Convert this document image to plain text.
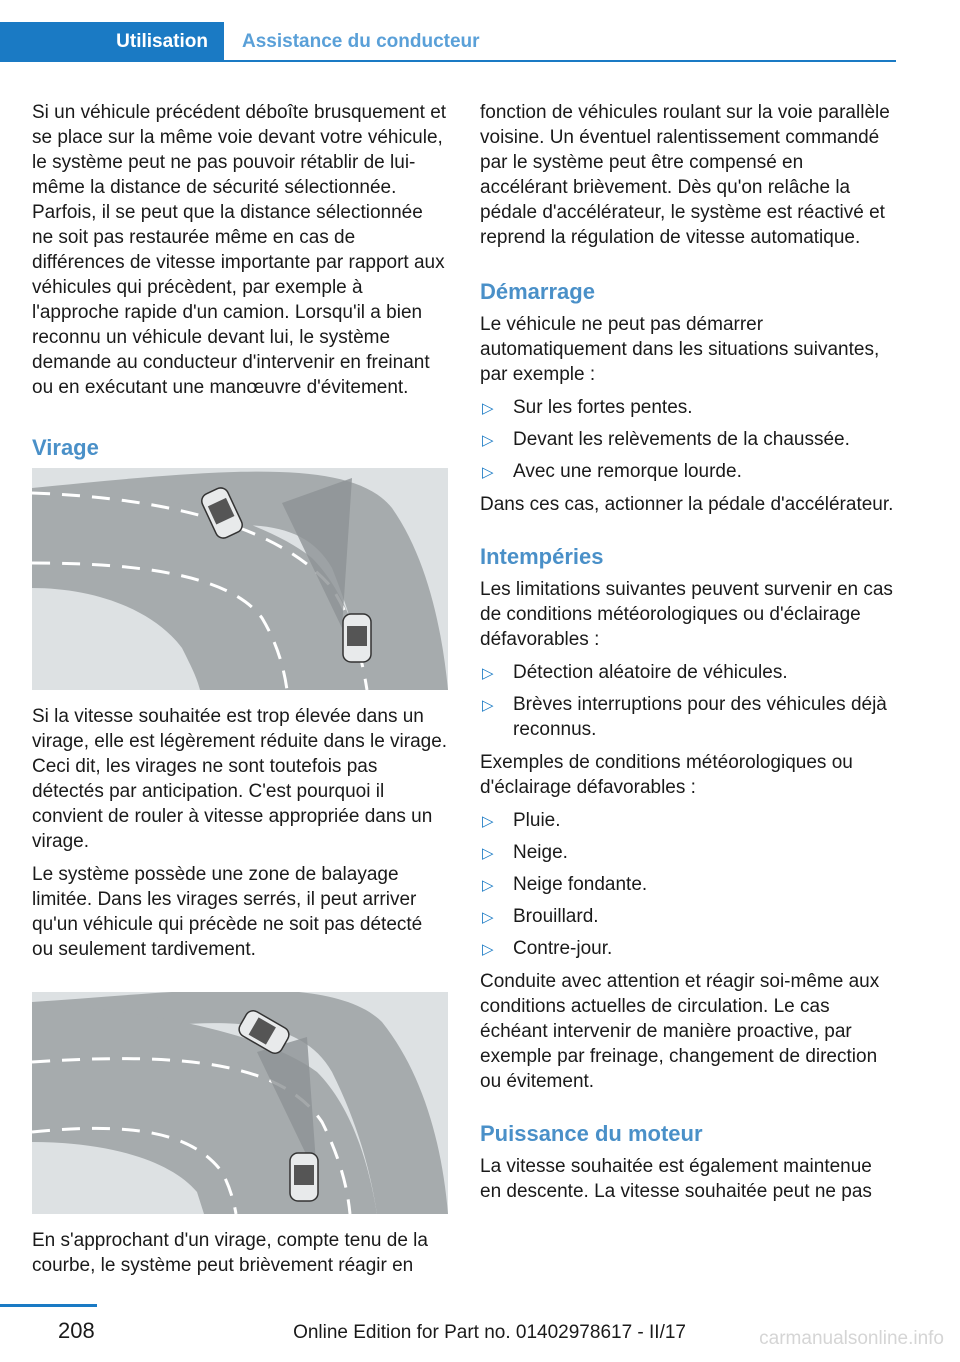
Utilisation	Assistance du conducteur

Si un véhicule précédent déboîte brusquement et se place sur la même voie devant votre véhicule, le système peut ne pas pouvoir rétablir de lui-même la distance de sécurité sélectionnée. Parfois, il se peut que la distance sélectionnée ne soit pas restaurée même en cas de différences de vitesse importante par rapport aux véhicules qui précèdent, par exemple à l'approche rapide d'un camion. Lorsqu'il a bien reconnu un véhicule devant lui, le système demande au conducteur d'intervenir en freinant ou en exécutant une manœuvre d'évitement.

Virage

Si la vitesse souhaitée est trop élevée dans un virage, elle est légèrement réduite dans le virage. Ceci dit, les virages ne sont toutefois pas détectés par anticipation. C'est pourquoi il convient de rouler à vitesse appropriée dans un virage.

Le système possède une zone de balayage limitée. Dans les virages serrés, il peut arriver qu'un véhicule qui précède ne soit pas détecté ou seulement tardivement.

En s'approchant d'un virage, compte tenu de la courbe, le système peut brièvement réagir en

fonction de véhicules roulant sur la voie parallèle voisine. Un éventuel ralentissement commandé par le système peut être compensé en accélérant brièvement. Dès qu'on relâche la pédale d'accélérateur, le système est réactivé et reprend la régulation de vitesse automatique.

Démarrage

Le véhicule ne peut pas démarrer automatiquement dans les situations suivantes, par exemple :

▷ Sur les fortes pentes.
▷ Devant les relèvements de la chaussée.
▷ Avec une remorque lourde.

Dans ces cas, actionner la pédale d'accélérateur.

Intempéries

Les limitations suivantes peuvent survenir en cas de conditions météorologiques ou d'éclairage défavorables :

▷ Détection aléatoire de véhicules.
▷ Brèves interruptions pour des véhicules déjà reconnus.

Exemples de conditions météorologiques ou d'éclairage défavorables :

▷ Pluie.
▷ Neige.
▷ Neige fondante.
▷ Brouillard.
▷ Contre-jour.

Conduite avec attention et réagir soi-même aux conditions actuelles de circulation. Le cas échéant intervenir de manière proactive, par exemple par freinage, changement de direction ou évitement.

Puissance du moteur

La vitesse souhaitée est également maintenue en descente. La vitesse souhaitée peut ne pas

208	Online Edition for Part no. 01402978617 - II/17	carmanualsonline.info
